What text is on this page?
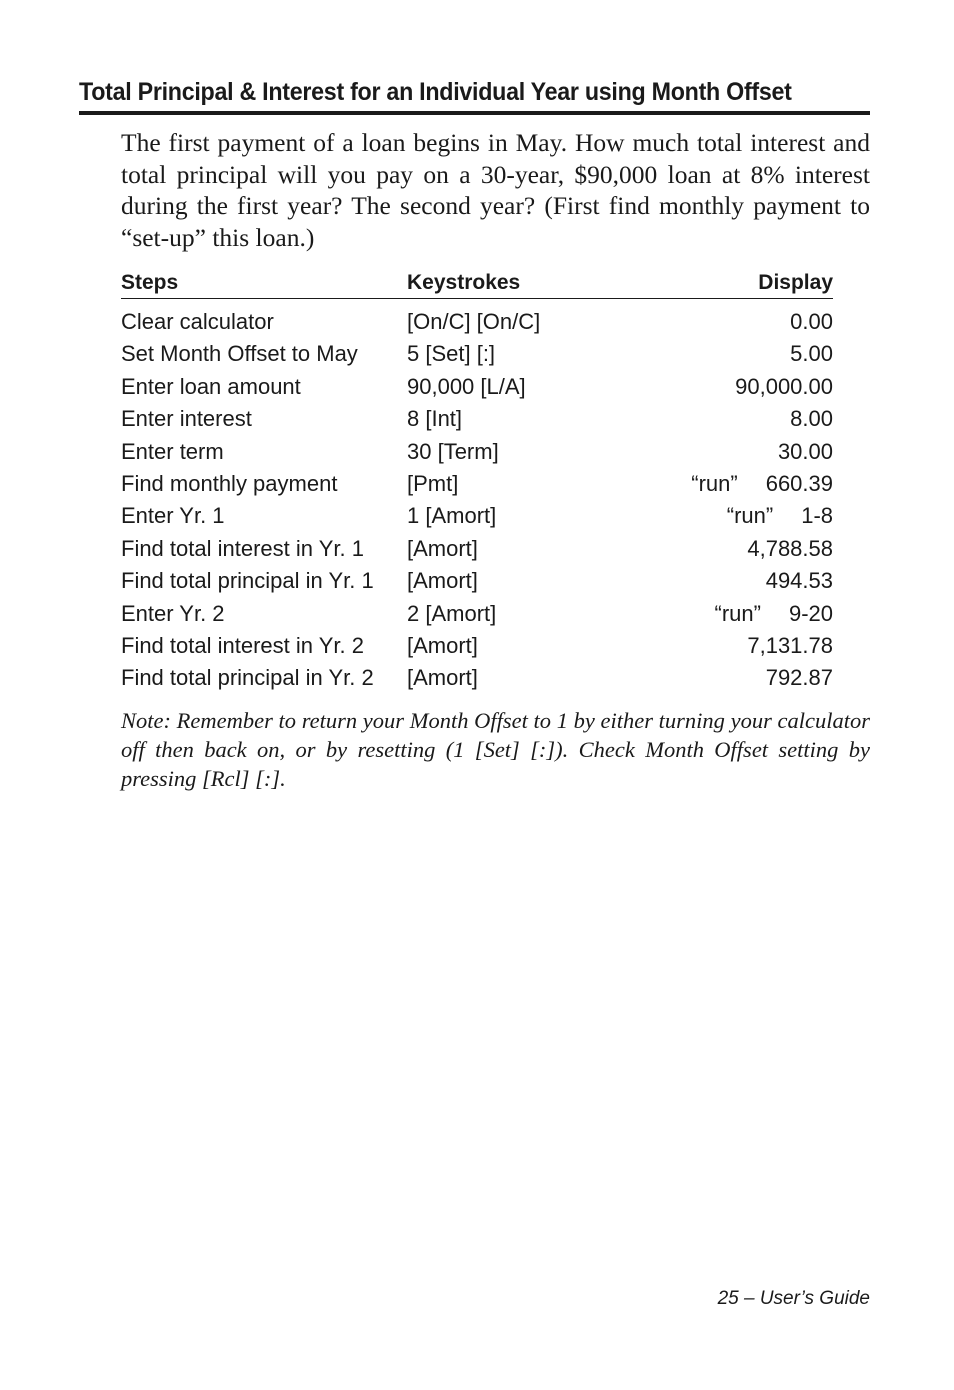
Total Principal & Interest for an Individual Year using Month Offset
The first payment of a loan begins in May. How much total interest and total principal will you pay on a 30-year, $90,000 loan at 8% interest during the first year? The second year? (First find monthly payment to “set-up” this loan.)
Steps	Keystrokes	Display
Clear calculator	[On/C] [On/C]	0.00
Set Month Offset to May	5 [Set] [:]	5.00
Enter loan amount	90,000 [L/A]	90,000.00
Enter interest	8 [Int]	8.00
Enter term	30 [Term]	30.00
Find monthly payment	[Pmt]	“run” 660.39
Enter Yr. 1	1 [Amort]	“run” 1-8
Find total interest in Yr. 1	[Amort]	4,788.58
Find total principal in Yr. 1	[Amort]	494.53
Enter Yr. 2	2 [Amort]	“run” 9-20
Find total interest in Yr. 2	[Amort]	7,131.78
Find total principal in Yr. 2	[Amort]	792.87
Note: Remember to return your Month Offset to 1 by either turning your calculator off then back on, or by resetting (1 [Set] [:]). Check Month Offset setting by pressing [Rcl] [:].
25 – User’s Guide
